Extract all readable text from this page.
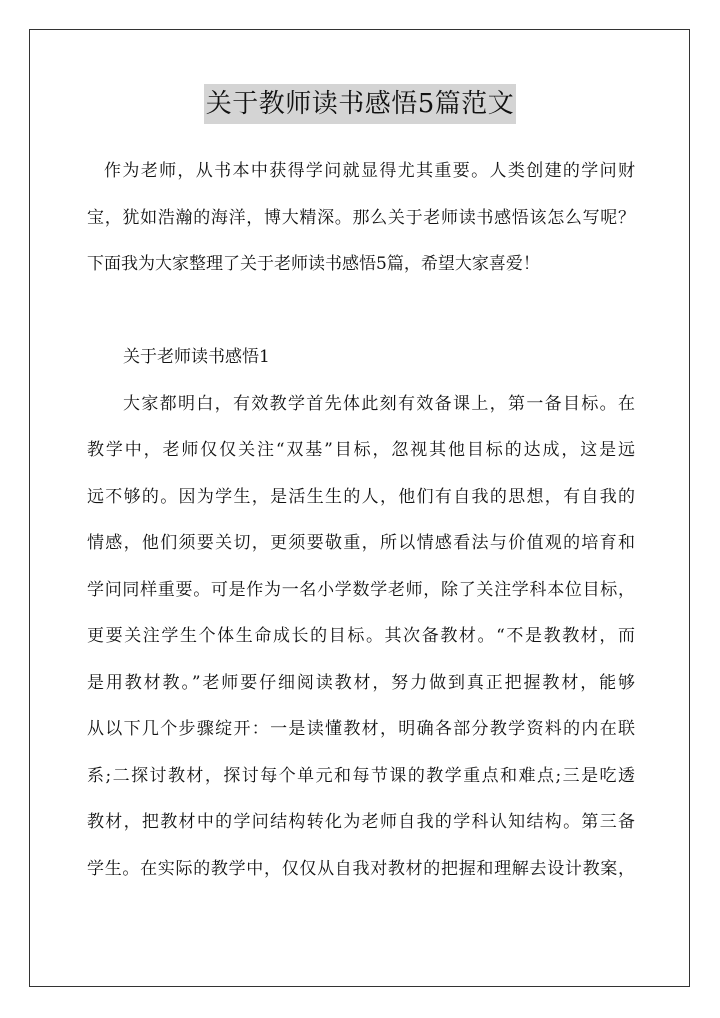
关于教师读书感悟5篇范文
作为老师，从书本中获得学问就显得尤其重要。人类创建的学问财
宝，犹如浩瀚的海洋，博大精深。那么关于老师读书感悟该怎么写呢？
下面我为大家整理了关于老师读书感悟5篇，希望大家喜爱！
关于老师读书感悟1
大家都明白，有效教学首先体此刻有效备课上，第一备目标。在
教学中，老师仅仅关注“双基”目标，忽视其他目标的达成，这是远
远不够的。因为学生，是活生生的人，他们有自我的思想，有自我的
情感，他们须要关切，更须要敬重，所以情感看法与价值观的培育和
学问同样重要。可是作为一名小学数学老师，除了关注学科本位目标，
更要关注学生个体生命成长的目标。其次备教材。“不是教教材，而
是用教材教。”老师要仔细阅读教材，努力做到真正把握教材，能够
从以下几个步骤绽开：一是读懂教材，明确各部分教学资料的内在联
系;二探讨教材，探讨每个单元和每节课的教学重点和难点;三是吃透
教材，把教材中的学问结构转化为老师自我的学科认知结构。第三备
学生。在实际的教学中，仅仅从自我对教材的把握和理解去设计教案，
